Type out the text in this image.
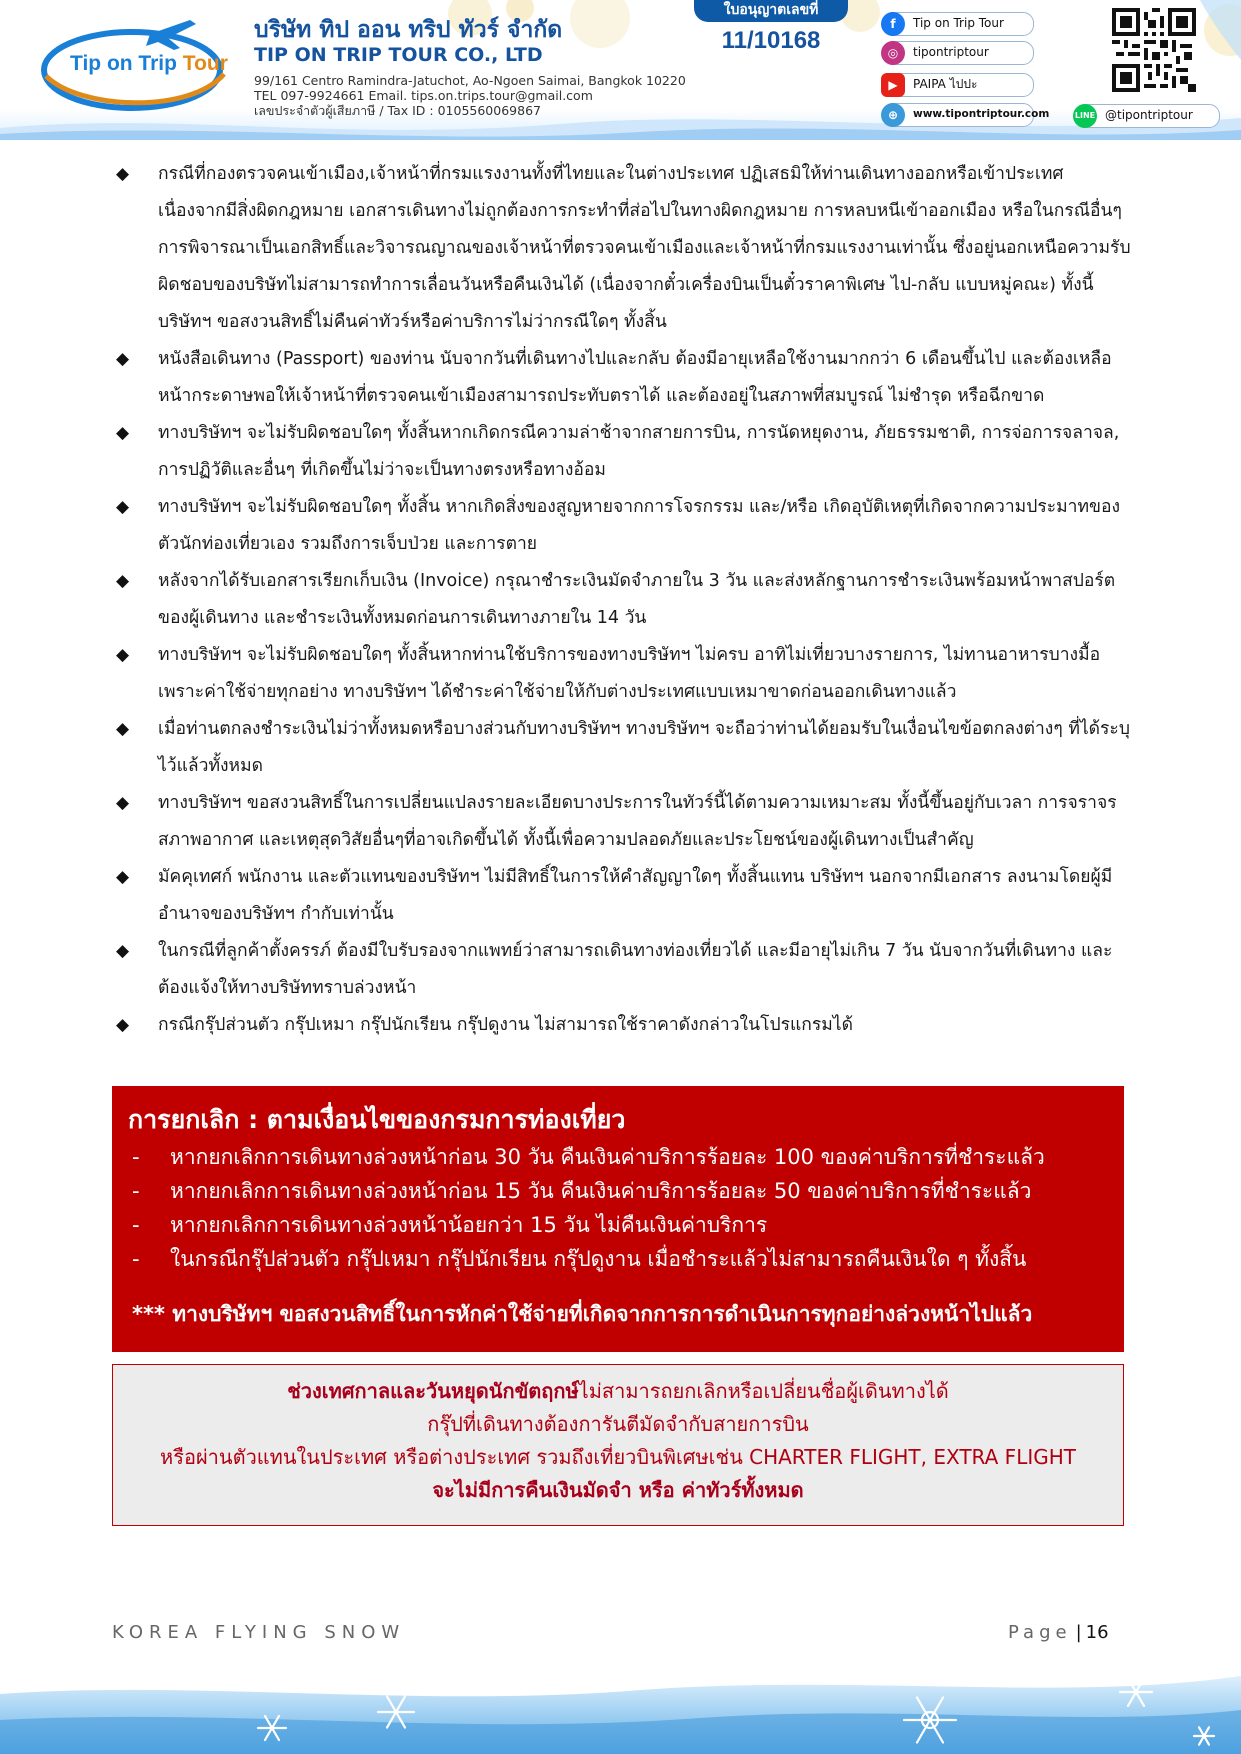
Tip on Trip Tour
บริษัท ทิป ออน ทริป ทัวร์ จำกัด
TIP ON TRIP TOUR CO., LTD
99/161 Centro Ramindra-Jatuchot, Ao-Ngoen Saimai, Bangkok 10220
TEL 097-9924661 Email. tips.on.trips.tour@gmail.com
เลขประจำตัวผู้เสียภาษี / Tax ID : 0105560069867
ใบอนุญาตเลขที่
11/10168
f	Tip on Trip Tour
◎	tipontriptour
▶	PAIPA ไปปะ
⊕	www.tipontriptour.com	LINE @tipontriptour
◆ กรณีที่กองตรวจคนเข้าเมือง,เจ้าหน้าที่กรมแรงงานทั้งที่ไทยและในต่างประเทศ ปฏิเสธมิให้ท่านเดินทางออกหรือเข้าประเทศ เนื่องจากมีสิ่งผิดกฎหมาย เอกสารเดินทางไม่ถูกต้องการกระทำที่ส่อไปในทางผิดกฎหมาย การหลบหนีเข้าออกเมือง หรือในกรณีอื่นๆการพิจารณาเป็นเอกสิทธิ์และวิจารณญาณของเจ้าหน้าที่ตรวจคนเข้าเมืองและเจ้าหน้าที่กรมแรงงานเท่านั้น ซึ่งอยู่นอกเหนือความรับผิดชอบของบริษัทไม่สามารถทำการเลื่อนวันหรือคืนเงินได้ (เนื่องจากตั๋วเครื่องบินเป็นตั๋วราคาพิเศษ ไป-กลับ แบบหมู่คณะ) ทั้งนี้บริษัทฯ ขอสงวนสิทธิ์ไม่คืนค่าทัวร์หรือค่าบริการไม่ว่ากรณีใดๆ ทั้งสิ้น
◆ หนังสือเดินทาง (Passport) ของท่าน นับจากวันที่เดินทางไปและกลับ ต้องมีอายุเหลือใช้งานมากกว่า 6 เดือนขึ้นไป และต้องเหลือหน้ากระดาษพอให้เจ้าหน้าที่ตรวจคนเข้าเมืองสามารถประทับตราได้ และต้องอยู่ในสภาพที่สมบูรณ์ ไม่ชำรุด หรือฉีกขาด
◆ ทางบริษัทฯ จะไม่รับผิดชอบใดๆ ทั้งสิ้นหากเกิดกรณีความล่าช้าจากสายการบิน, การนัดหยุดงาน, ภัยธรรมชาติ, การจ่อการจลาจล, การปฏิวัติและอื่นๆ ที่เกิดขึ้นไม่ว่าจะเป็นทางตรงหรือทางอ้อม
◆ ทางบริษัทฯ จะไม่รับผิดชอบใดๆ ทั้งสิ้น หากเกิดสิ่งของสูญหายจากการโจรกรรม และ/หรือ เกิดอุบัติเหตุที่เกิดจากความประมาทของตัวนักท่องเที่ยวเอง รวมถึงการเจ็บป่วย และการตาย
◆ หลังจากได้รับเอกสารเรียกเก็บเงิน (Invoice) กรุณาชำระเงินมัดจำภายใน 3 วัน และส่งหลักฐานการชำระเงินพร้อมหน้าพาสปอร์ตของผู้เดินทาง และชำระเงินทั้งหมดก่อนการเดินทางภายใน 14 วัน
◆ ทางบริษัทฯ จะไม่รับผิดชอบใดๆ ทั้งสิ้นหากท่านใช้บริการของทางบริษัทฯ ไม่ครบ อาทิไม่เที่ยวบางรายการ, ไม่ทานอาหารบางมื้อ เพราะค่าใช้จ่ายทุกอย่าง ทางบริษัทฯ ได้ชำระค่าใช้จ่ายให้กับต่างประเทศแบบเหมาขาดก่อนออกเดินทางแล้ว
◆ เมื่อท่านตกลงชำระเงินไม่ว่าทั้งหมดหรือบางส่วนกับทางบริษัทฯ ทางบริษัทฯ จะถือว่าท่านได้ยอมรับในเงื่อนไขข้อตกลงต่างๆ ที่ได้ระบุไว้แล้วทั้งหมด
◆ ทางบริษัทฯ ขอสงวนสิทธิ์ในการเปลี่ยนแปลงรายละเอียดบางประการในทัวร์นี้ได้ตามความเหมาะสม ทั้งนี้ขึ้นอยู่กับเวลา การจราจร สภาพอากาศ และเหตุสุดวิสัยอื่นๆที่อาจเกิดขึ้นได้ ทั้งนี้เพื่อความปลอดภัยและประโยชน์ของผู้เดินทางเป็นสำคัญ
◆ มัคคุเทศก์ พนักงาน และตัวแทนของบริษัทฯ ไม่มีสิทธิ์ในการให้คำสัญญาใดๆ ทั้งสิ้นแทน บริษัทฯ นอกจากมีเอกสาร ลงนามโดยผู้มีอำนาจของบริษัทฯ กำกับเท่านั้น
◆ ในกรณีที่ลูกค้าตั้งครรภ์ ต้องมีใบรับรองจากแพทย์ว่าสามารถเดินทางท่องเที่ยวได้ และมีอายุไม่เกิน 7 วัน นับจากวันที่เดินทาง และต้องแจ้งให้ทางบริษัททราบล่วงหน้า
◆ กรณีกรุ๊ปส่วนตัว กรุ๊ปเหมา กรุ๊ปนักเรียน กรุ๊ปดูงาน ไม่สามารถใช้ราคาดังกล่าวในโปรแกรมได้
การยกเลิก : ตามเงื่อนไขของกรมการท่องเที่ยว
- หากยกเลิกการเดินทางล่วงหน้าก่อน 30 วัน คืนเงินค่าบริการร้อยละ 100 ของค่าบริการที่ชำระแล้ว
- หากยกเลิกการเดินทางล่วงหน้าก่อน 15 วัน คืนเงินค่าบริการร้อยละ 50 ของค่าบริการที่ชำระแล้ว
- หากยกเลิกการเดินทางล่วงหน้าน้อยกว่า 15 วัน ไม่คืนเงินค่าบริการ
- ในกรณีกรุ๊ปส่วนตัว กรุ๊ปเหมา กรุ๊ปนักเรียน กรุ๊ปดูงาน เมื่อชำระแล้วไม่สามารถคืนเงินใด ๆ ทั้งสิ้น
*** ทางบริษัทฯ ขอสงวนสิทธิ์ในการหักค่าใช้จ่ายที่เกิดจากการการดำเนินการทุกอย่างล่วงหน้าไปแล้ว

ช่วงเทศกาลและวันหยุดนักขัตฤกษ์ไม่สามารถยกเลิกหรือเปลี่ยนชื่อผู้เดินทางได้

กรุ๊ปที่เดินทางต้องการันตีมัดจำกับสายการบิน

หรือผ่านตัวแทนในประเทศ หรือต่างประเทศ รวมถึงเที่ยวบินพิเศษเช่น CHARTER FLIGHT, EXTRA FLIGHT

จะไม่มีการคืนเงินมัดจำ หรือ ค่าทัวร์ทั้งหมด

KOREA FLYING SNOW	Page | 16
